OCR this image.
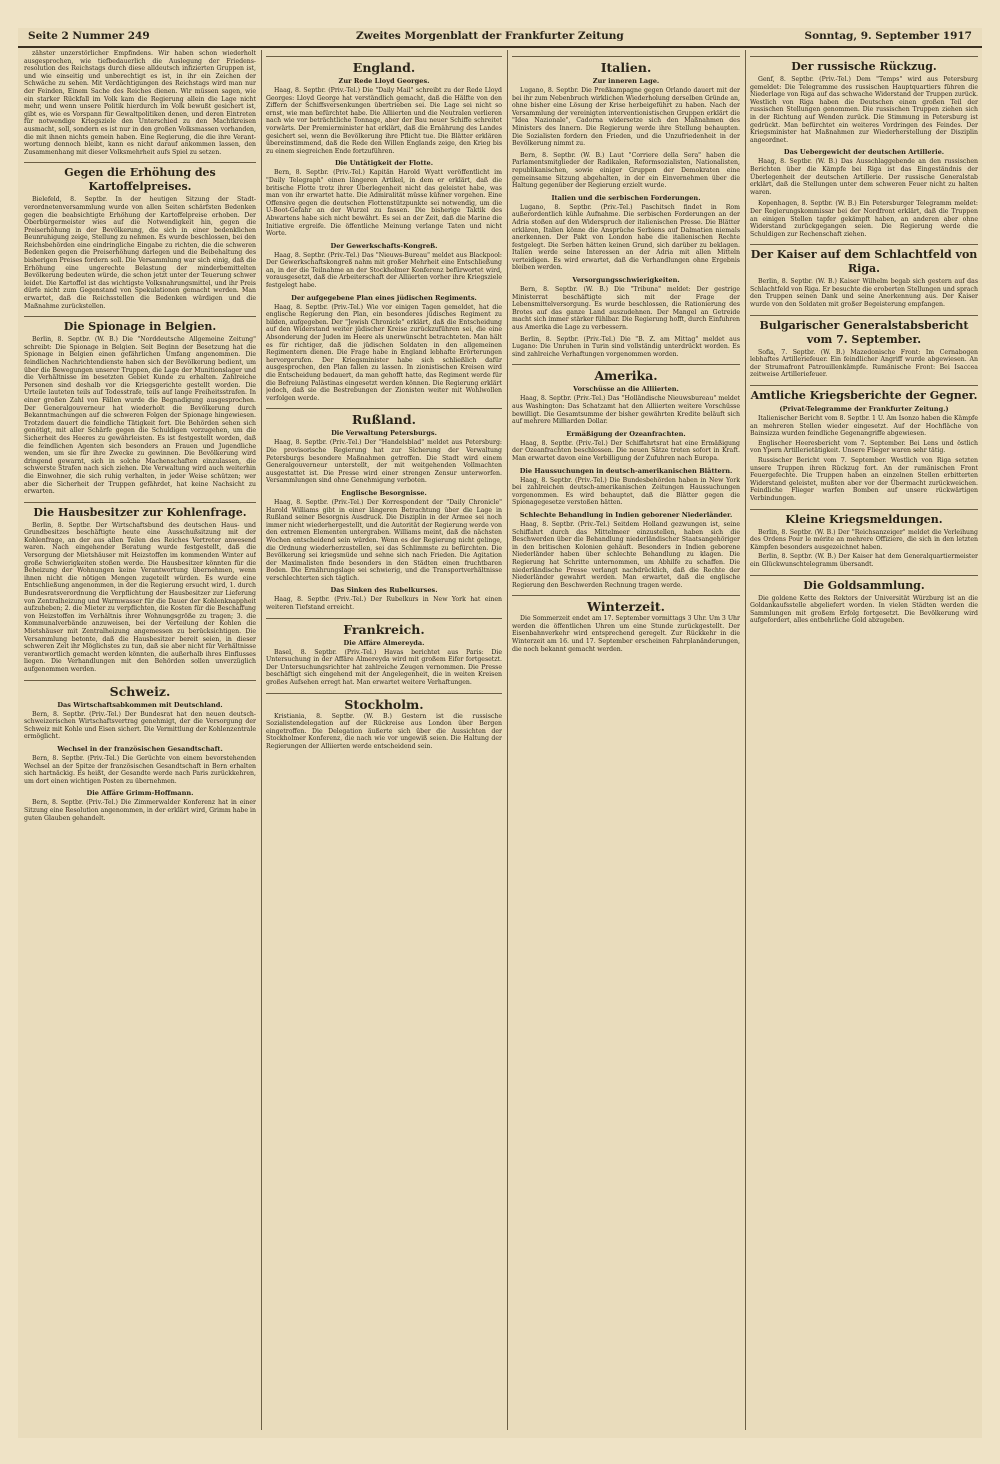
Seite 2 Nummer 249	Zweites Morgenblatt der Frankfurter Zeitung	Sonntag, 9. September 1917

zähster unzerstörlicher Empfindens. Wir haben schon wiederholt ausgesprochen, wie tiefbedauerlich die Auslegung der Friedensresolution des Reichstags durch diese alldeutsch infizierten Gruppen ist, und wie einseitig und unberechtigt es ist, in ihr ein Zeichen der Schwäche zu sehen. Mit Verdächtigungen des Reichstags wird man nur der Feinden, Einem Sache des Reiches dienen. Wir müssen sagen, wie ein starker Rückfall im Volk kam die Regierung allein die Lage nicht mehr, und wenn unsere Politik hierdurch im Volk bewußt gesichert ist, gibt es, wie es Vorspann für Gewaltpolitiken denen, und deren Eintreten für notwendige Kriegsziele den Unterschied zu den Machtkreisen ausmacht, soll, sondern es ist nur in den großen Volksmassen vorhanden, die mit ihnen nichts gemein haben. Eine Regierung, die die ihre Verantwortung dennoch bleibt, kann es nicht darauf ankommen lassen, den Zusammenhang mit dieser Volksmehrheit aufs Spiel zu setzen.

Gegen die Erhöhung des Kartoffelpreises.

Bielefeld, 8. Septbr. In der heutigen Sitzung der Stadtverordnetenversammlung wurde von allen Seiten schärfsten Bedenken gegen die beabsichtigte Erhöhung der Kartoffelpreise erhoben. Der Oberbürgermeister wies auf die Notwendigkeit hin, gegen die Preiserhöhung in der Bevölkerung, die sich in einer bedenklichen Beunruhigung zeige, Stellung zu nehmen. Es wurde beschlossen, bei den Reichsbehörden eine eindringliche Eingabe zu richten, die die schweren Bedenken gegen die Preiserhöhung darlegen und die Beibehaltung des bisherigen Preises fordern soll. Die Versammlung war sich einig, daß die Erhöhung eine ungerechte Belastung der minderbemittelten Bevölkerung bedeuten würde, die schon jetzt unter der Teuerung schwer leidet. Die Kartoffel ist das wichtigste Volksnahrungsmittel, und ihr Preis dürfe nicht zum Gegenstand von Spekulationen gemacht werden. Man erwartet, daß die Reichsstellen die Bedenken würdigen und die Maßnahme zurückstellen.

Die Spionage in Belgien.

Berlin, 8. Septbr. (W. B.) Die "Norddeutsche Allgemeine Zeitung" schreibt: Die Spionage in Belgien. Seit Beginn der Besetzung hat die Spionage in Belgien einen gefährlichen Umfang angenommen. Die feindlichen Nachrichtendienste haben sich der Bevölkerung bedient, um über die Bewegungen unserer Truppen, die Lage der Munitionslager und die Verhältnisse im besetzten Gebiet Kunde zu erhalten. Zahlreiche Personen sind deshalb vor die Kriegsgerichte gestellt worden. Die Urteile lauteten teils auf Todesstrafe, teils auf lange Freiheitsstrafen. In einer großen Zahl von Fällen wurde die Begnadigung ausgesprochen. Der Generalgouverneur hat wiederholt die Bevölkerung durch Bekanntmachungen auf die schweren Folgen der Spionage hingewiesen. Trotzdem dauert die feindliche Tätigkeit fort. Die Behörden sehen sich genötigt, mit aller Schärfe gegen die Schuldigen vorzugehen, um die Sicherheit des Heeres zu gewährleisten. Es ist festgestellt worden, daß die feindlichen Agenten sich besonders an Frauen und Jugendliche wenden, um sie für ihre Zwecke zu gewinnen. Die Bevölkerung wird dringend gewarnt, sich in solche Machenschaften einzulassen, die schwerste Strafen nach sich ziehen. Die Verwaltung wird auch weiterhin die Einwohner, die sich ruhig verhalten, in jeder Weise schützen; wer aber die Sicherheit der Truppen gefährdet, hat keine Nachsicht zu erwarten.

Die Hausbesitzer zur Kohlenfrage.

Berlin, 8. Septbr. Der Wirtschaftsbund des deutschen Haus- und Grundbesitzes beschäftigte heute eine Ausschußsitzung mit der Kohlenfrage, an der aus allen Teilen des Reiches Vertreter anwesend waren. Nach eingehender Beratung wurde festgestellt, daß die Versorgung der Mietshäuser mit Heizstoffen im kommenden Winter auf große Schwierigkeiten stoßen werde. Die Hausbesitzer könnten für die Beheizung der Wohnungen keine Verantwortung übernehmen, wenn ihnen nicht die nötigen Mengen zugeteilt würden. Es wurde eine Entschließung angenommen, in der die Regierung ersucht wird, 1. durch Bundesratsverordnung die Verpflichtung der Hausbesitzer zur Lieferung von Zentralheizung und Warmwasser für die Dauer der Kohlenknappheit aufzuheben; 2. die Mieter zu verpflichten, die Kosten für die Beschaffung von Heizstoffen im Verhältnis ihrer Wohnungsgröße zu tragen; 3. die Kommunalverbände anzuweisen, bei der Verteilung der Kohlen die Mietshäuser mit Zentralheizung angemessen zu berücksichtigen. Die Versammlung betonte, daß die Hausbesitzer bereit seien, in dieser schweren Zeit ihr Möglichstes zu tun, daß sie aber nicht für Verhältnisse verantwortlich gemacht werden könnten, die außerhalb ihres Einflusses liegen. Die Verhandlungen mit den Behörden sollen unverzüglich aufgenommen werden.

Schweiz.
Das Wirtschaftsabkommen mit Deutschland.

Bern, 8. Septbr. (Priv.-Tel.) Der Bundesrat hat den neuen deutsch-schweizerischen Wirtschaftsvertrag genehmigt, der die Versorgung der Schweiz mit Kohle und Eisen sichert. Die Vermittlung der Kohlenzentrale ermöglicht.

Wechsel in der französischen Gesandtschaft.

Bern, 8. Septbr. (Priv.-Tel.) Die Gerüchte von einem bevorstehenden Wechsel an der Spitze der französischen Gesandtschaft in Bern erhalten sich hartnäckig. Es heißt, der Gesandte werde nach Paris zurückkehren, um dort einen wichtigen Posten zu übernehmen.

Die Affäre Grimm-Hoffmann.

Bern, 8. Septbr. (Priv.-Tel.) Die Zimmerwalder Konferenz hat in einer Sitzung eine Resolution angenommen, in der erklärt wird, Grimm habe in guten Glauben gehandelt.

England.
Zur Rede Lloyd Georges.

Haag, 8. Septbr. (Priv.-Tel.) Die "Daily Mail" schreibt zu der Rede Lloyd Georges: Lloyd George hat verständlich gemacht, daß die Hälfte von den Ziffern der Schiffsversenkungen übertrieben sei. Die Lage sei nicht so ernst, wie man befürchtet habe. Die Alliierten und die Neutralen verlieren nach wie vor beträchtliche Tonnage, aber der Bau neuer Schiffe schreitet vorwärts. Der Premierminister hat erklärt, daß die Ernährung des Landes gesichert sei, wenn die Bevölkerung ihre Pflicht tue. Die Blätter erklären übereinstimmend, daß die Rede den Willen Englands zeige, den Krieg bis zu einem siegreichen Ende fortzuführen.

Die Untätigkeit der Flotte.

Bern, 8. Septbr. (Priv.-Tel.) Kapitän Harold Wyatt veröffentlicht im "Daily Telegraph" einen längeren Artikel, in dem er erklärt, daß die britische Flotte trotz ihrer Überlegenheit nicht das geleistet habe, was man von ihr erwartet hatte. Die Admiralität müsse kühner vorgehen. Eine Offensive gegen die deutschen Flottenstützpunkte sei notwendig, um die U-Boot-Gefahr an der Wurzel zu fassen. Die bisherige Taktik des Abwartens habe sich nicht bewährt. Es sei an der Zeit, daß die Marine die Initiative ergreife. Die öffentliche Meinung verlange Taten und nicht Worte.

Der Gewerkschafts-Kongreß.

Haag, 8. Septbr. (Priv.-Tel.) Das "Nieuws-Bureau" meldet aus Blackpool: Der Gewerkschaftskongreß nahm mit großer Mehrheit eine Entschließung an, in der die Teilnahme an der Stockholmer Konferenz befürwortet wird, vorausgesetzt, daß die Arbeiterschaft der Alliierten vorher ihre Kriegsziele festgelegt habe.

Der aufgegebene Plan eines jüdischen Regiments.

Haag, 8. Septbr. (Priv.-Tel.) Wie vor einigen Tagen gemeldet, hat die englische Regierung den Plan, ein besonderes jüdisches Regiment zu bilden, aufgegeben. Der "Jewish Chronicle" erklärt, daß die Entscheidung auf den Widerstand weiter jüdischer Kreise zurückzuführen sei, die eine Absonderung der Juden im Heere als unerwünscht betrachteten. Man hält es für richtiger, daß die jüdischen Soldaten in den allgemeinen Regimentern dienen. Die Frage habe in England lebhafte Erörterungen hervorgerufen. Der Kriegsminister habe sich schließlich dafür ausgesprochen, den Plan fallen zu lassen. In zionistischen Kreisen wird die Entscheidung bedauert, da man gehofft hatte, das Regiment werde für die Befreiung Palästinas eingesetzt werden können. Die Regierung erklärt jedoch, daß sie die Bestrebungen der Zionisten weiter mit Wohlwollen verfolgen werde.

Rußland.
Die Verwaltung Petersburgs.

Haag, 8. Septbr. (Priv.-Tel.) Der "Handelsblad" meldet aus Petersburg: Die provisorische Regierung hat zur Sicherung der Verwaltung Petersburgs besondere Maßnahmen getroffen. Die Stadt wird einem Generalgouverneur unterstellt, der mit weitgehenden Vollmachten ausgestattet ist. Die Presse wird einer strengen Zensur unterworfen. Versammlungen sind ohne Genehmigung verboten.

Englische Besorgnisse.

Haag, 8. Septbr. (Priv.-Tel.) Der Korrespondent der "Daily Chronicle" Harold Williams gibt in einer längeren Betrachtung über die Lage in Rußland seiner Besorgnis Ausdruck. Die Disziplin in der Armee sei noch immer nicht wiederhergestellt, und die Autorität der Regierung werde von den extremen Elementen untergraben. Williams meint, daß die nächsten Wochen entscheidend sein würden. Wenn es der Regierung nicht gelinge, die Ordnung wiederherzustellen, sei das Schlimmste zu befürchten. Die Bevölkerung sei kriegsmüde und sehne sich nach Frieden. Die Agitation der Maximalisten finde besonders in den Städten einen fruchtbaren Boden. Die Ernährungslage sei schwierig, und die Transportverhältnisse verschlechterten sich täglich.

Das Sinken des Rubelkurses.

Haag, 8. Septbr. (Priv.-Tel.) Der Rubelkurs in New York hat einen weiteren Tiefstand erreicht.

Frankreich.
Die Affäre Almereyda.

Basel, 8. Septbr. (Priv.-Tel.) Havas berichtet aus Paris: Die Untersuchung in der Affäre Almereyda wird mit großem Eifer fortgesetzt. Der Untersuchungsrichter hat zahlreiche Zeugen vernommen. Die Presse beschäftigt sich eingehend mit der Angelegenheit, die in weiten Kreisen großes Aufsehen erregt hat. Man erwartet weitere Verhaftungen.

Stockholm.

Kristiania, 8. Septbr. (W. B.) Gestern ist die russische Sozialistendelegation auf der Rückreise aus London über Bergen eingetroffen. Die Delegation äußerte sich über die Aussichten der Stockholmer Konferenz, die nach wie vor ungewiß seien. Die Haltung der Regierungen der Alliierten werde entscheidend sein.

Italien.
Zur inneren Lage.

Lugano, 8. Septbr. Die Preßkampagne gegen Orlando dauert mit der bei ihr zum Nebenbruch wirklichen Wiederholung derselben Gründe an, ohne bisher eine Lösung der Krise herbeigeführt zu haben. Nach der Versammlung der vereinigten interventionistischen Gruppen erklärt die "Idea Nazionale", Cadorna widersetze sich den Maßnahmen des Ministers des Innern. Die Regierung werde ihre Stellung behaupten. Die Sozialisten fordern den Frieden, und die Unzufriedenheit in der Bevölkerung nimmt zu.

Bern, 8. Septbr. (W. B.) Laut "Corriere della Sera" haben die Parlamentsmitglieder der Radikalen, Reformsozialisten, Nationalisten, republikanischen, sowie einiger Gruppen der Demokraten eine gemeinsame Sitzung abgehalten, in der ein Einvernehmen über die Haltung gegenüber der Regierung erzielt wurde.

Italien und die serbischen Forderungen.

Lugano, 8. Septbr. (Priv.-Tel.) Paschitsch findet in Rom außerordentlich kühle Aufnahme. Die serbischen Forderungen an der Adria stoßen auf den Widerspruch der italienischen Presse. Die Blätter erklären, Italien könne die Ansprüche Serbiens auf Dalmatien niemals anerkennen. Der Pakt von London habe die italienischen Rechte festgelegt. Die Serben hätten keinen Grund, sich darüber zu beklagen. Italien werde seine Interessen an der Adria mit allen Mitteln verteidigen. Es wird erwartet, daß die Verhandlungen ohne Ergebnis bleiben werden.

Versorgungsschwierigkeiten.

Bern, 8. Septbr. (W. B.) Die "Tribuna" meldet: Der gestrige Ministerrat beschäftigte sich mit der Frage der Lebensmittelversorgung. Es wurde beschlossen, die Rationierung des Brotes auf das ganze Land auszudehnen. Der Mangel an Getreide macht sich immer stärker fühlbar. Die Regierung hofft, durch Einfuhren aus Amerika die Lage zu verbessern.

Berlin, 8. Septbr. (Priv.-Tel.) Die "B. Z. am Mittag" meldet aus Lugano: Die Unruhen in Turin sind vollständig unterdrückt worden. Es sind zahlreiche Verhaftungen vorgenommen worden.

Amerika.
Vorschüsse an die Alliierten.

Haag, 8. Septbr. (Priv.-Tel.) Das "Holländische Nieuwsbureau" meldet aus Washington: Das Schatzamt hat den Alliierten weitere Vorschüsse bewilligt. Die Gesamtsumme der bisher gewährten Kredite beläuft sich auf mehrere Milliarden Dollar.

Ermäßigung der Ozeanfrachten.

Haag, 8. Septbr. (Priv.-Tel.) Der Schiffahrtsrat hat eine Ermäßigung der Ozeanfrachten beschlossen. Die neuen Sätze treten sofort in Kraft. Man erwartet davon eine Verbilligung der Zufuhren nach Europa.

Die Haussuchungen in deutsch-amerikanischen Blättern.

Haag, 8. Septbr. (Priv.-Tel.) Die Bundesbehörden haben in New York bei zahlreichen deutsch-amerikanischen Zeitungen Haussuchungen vorgenommen. Es wird behauptet, daß die Blätter gegen die Spionagegesetze verstoßen hätten.

Schlechte Behandlung in Indien geborener Niederländer.

Haag, 8. Septbr. (Priv.-Tel.) Seitdem Holland gezwungen ist, seine Schiffahrt durch das Mittelmeer einzustellen, haben sich die Beschwerden über die Behandlung niederländischer Staatsangehöriger in den britischen Kolonien gehäuft. Besonders in Indien geborene Niederländer haben über schlechte Behandlung zu klagen. Die Regierung hat Schritte unternommen, um Abhilfe zu schaffen. Die niederländische Presse verlangt nachdrücklich, daß die Rechte der Niederländer gewahrt werden. Man erwartet, daß die englische Regierung den Beschwerden Rechnung tragen werde.

Winterzeit.

Die Sommerzeit endet am 17. September vormittags 3 Uhr. Um 3 Uhr werden die öffentlichen Uhren um eine Stunde zurückgestellt. Der Eisenbahnverkehr wird entsprechend geregelt. Zur Rückkehr in die Winterzeit am 16. und 17. September erscheinen Fahrplanänderungen, die noch bekannt gemacht werden.

Der russische Rückzug.

Genf, 8. Septbr. (Priv.-Tel.) Dem "Temps" wird aus Petersburg gemeldet: Die Telegramme des russischen Hauptquartiers führen die Niederlage von Riga auf das schwache Widerstand der Truppen zurück. Westlich von Riga haben die Deutschen einen großen Teil der russischen Stellungen genommen. Die russischen Truppen ziehen sich in der Richtung auf Wenden zurück. Die Stimmung in Petersburg ist gedrückt. Man befürchtet ein weiteres Vordringen des Feindes. Der Kriegsminister hat Maßnahmen zur Wiederherstellung der Disziplin angeordnet.

Das Uebergewicht der deutschen Artillerie.

Haag, 8. Septbr. (W. B.) Das Ausschlaggebende an den russischen Berichten über die Kämpfe bei Riga ist das Eingeständnis der Überlegenheit der deutschen Artillerie. Der russische Generalstab erklärt, daß die Stellungen unter dem schweren Feuer nicht zu halten waren.

Kopenhagen, 8. Septbr. (W. B.) Ein Petersburger Telegramm meldet: Der Regierungskommissar bei der Nordfront erklärt, daß die Truppen an einigen Stellen tapfer gekämpft haben, an anderen aber ohne Widerstand zurückgegangen seien. Die Regierung werde die Schuldigen zur Rechenschaft ziehen.

Der Kaiser auf dem Schlachtfeld von Riga.

Berlin, 8. Septbr. (W. B.) Kaiser Wilhelm begab sich gestern auf das Schlachtfeld von Riga. Er besuchte die eroberten Stellungen und sprach den Truppen seinen Dank und seine Anerkennung aus. Der Kaiser wurde von den Soldaten mit großer Begeisterung empfangen.

Bulgarischer Generalstabsbericht vom 7. September.

Sofia, 7. Septbr. (W. B.) Mazedonische Front: Im Cernabogen lebhaftes Artilleriefeuer. Ein feindlicher Angriff wurde abgewiesen. An der Strumafront Patrouillenkämpfe. Rumänische Front: Bei Isaccea zeitweise Artilleriefeuer.

Amtliche Kriegsberichte der Gegner.
(Privat-Telegramme der Frankfurter Zeitung.)

Italienischer Bericht vom 8. Septbr. 1 U. Am Isonzo haben die Kämpfe an mehreren Stellen wieder eingesetzt. Auf der Hochfläche von Bainsizza wurden feindliche Gegenangriffe abgewiesen.

Englischer Heeresbericht vom 7. September. Bei Lens und östlich von Ypern Artillerietätigkeit. Unsere Flieger waren sehr tätig.

Russischer Bericht vom 7. September. Westlich von Riga setzten unsere Truppen ihren Rückzug fort. An der rumänischen Front Feuergefechte. Die Truppen haben an einzelnen Stellen erbitterten Widerstand geleistet, mußten aber vor der Übermacht zurückweichen. Feindliche Flieger warfen Bomben auf unsere rückwärtigen Verbindungen.

Kleine Kriegsmeldungen.

Berlin, 8. Septbr. (W. B.) Der "Reichsanzeiger" meldet die Verleihung des Ordens Pour le mérite an mehrere Offiziere, die sich in den letzten Kämpfen besonders ausgezeichnet haben.

Berlin, 8. Septbr. (W. B.) Der Kaiser hat dem Generalquartiermeister ein Glückwunschtelegramm übersandt.

Die Goldsammlung.

Die goldene Kette des Rektors der Universität Würzburg ist an die Goldankaufsstelle abgeliefert worden. In vielen Städten werden die Sammlungen mit großem Erfolg fortgesetzt. Die Bevölkerung wird aufgefordert, alles entbehrliche Gold abzugeben.
